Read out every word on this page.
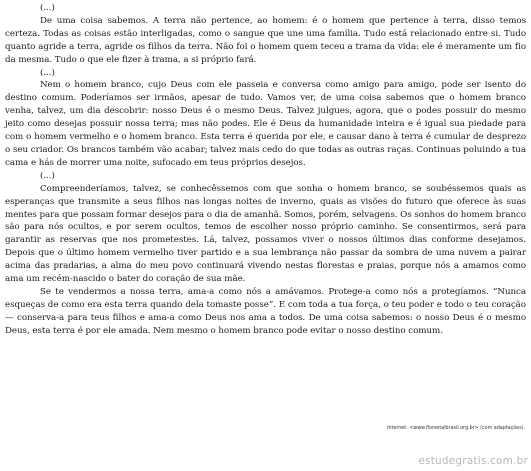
(...)

De uma coisa sabemos. A terra não pertence, ao homem: é o homem que pertence à terra, disso temos certeza. Todas as coisas estão interligadas, como o sangue que une uma família. Tudo está relacionado entre si. Tudo quanto agride a terra, agride os filhos da terra. Não foi o homem quem teceu a trama da vida: ele é meramente um fio da mesma. Tudo o que ele fizer à trama, a si próprio fará.

(...)

Nem o homem branco, cujo Deus com ele passeia e conversa como amigo para amigo, pode ser isento do destino comum. Poderíamos ser irmãos, apesar de tudo. Vamos ver, de uma coisa sabemos que o homem branco venha, talvez, um dia descobrir: nosso Deus é o mesmo Deus. Talvez julgues, agora, que o podes possuir do mesmo jeito como desejas possuir nossa terra; mas não podes. Ele é Deus da humanidade inteira e é igual sua piedade para com o homem vermelho e o homem branco. Esta terra é querida por ele, e causar dano à terra é cumular de desprezo o seu criador. Os brancos também vão acabar; talvez mais cedo do que todas as outras raças. Continuas poluindo a tua cama e hás de morrer uma noite, sufocado em teus próprios desejos.

(...)

Compreenderíamos, talvez, se conhecêssemos com que sonha o homem branco, se soubéssemos quais as esperanças que transmite a seus filhos nas longas noites de inverno, quais as visões do futuro que oferece às suas mentes para que possam formar desejos para o dia de amanhã. Somos, porém, selvagens. Os sonhos do homem branco são para nós ocultos, e por serem ocultos, temos de escolher nosso próprio caminho. Se consentirmos, será para garantir as reservas que nos prometestes. Lá, talvez, possamos viver o nossos últimos dias conforme desejamos. Depois que o último homem vermelho tiver partido e a sua lembrança não passar da sombra de uma nuvem a pairar acima das pradarias, a alma do meu povo continuará vivendo nestas florestas e praias, porque nós a amamos como ama um recém-nascido o bater do coração de sua mãe.

Se te vendermos a nossa terra, ama-a como nós a amávamos. Protege-a como nós a protegíamos. “Nunca esqueças de como era esta terra quando dela tomaste posse”. E com toda a tua força, o teu poder e todo o teu coração — conserva-a para teus filhos e ama-a como Deus nos ama a todos. De uma coisa sabemos: o nosso Deus é o mesmo Deus, esta terra é por ele amada. Nem mesmo o homem branco pode evitar o nosso destino comum.

Internet: <www.florestalbrasil.org.br> (com adaptações).
estudegratis.com.br
